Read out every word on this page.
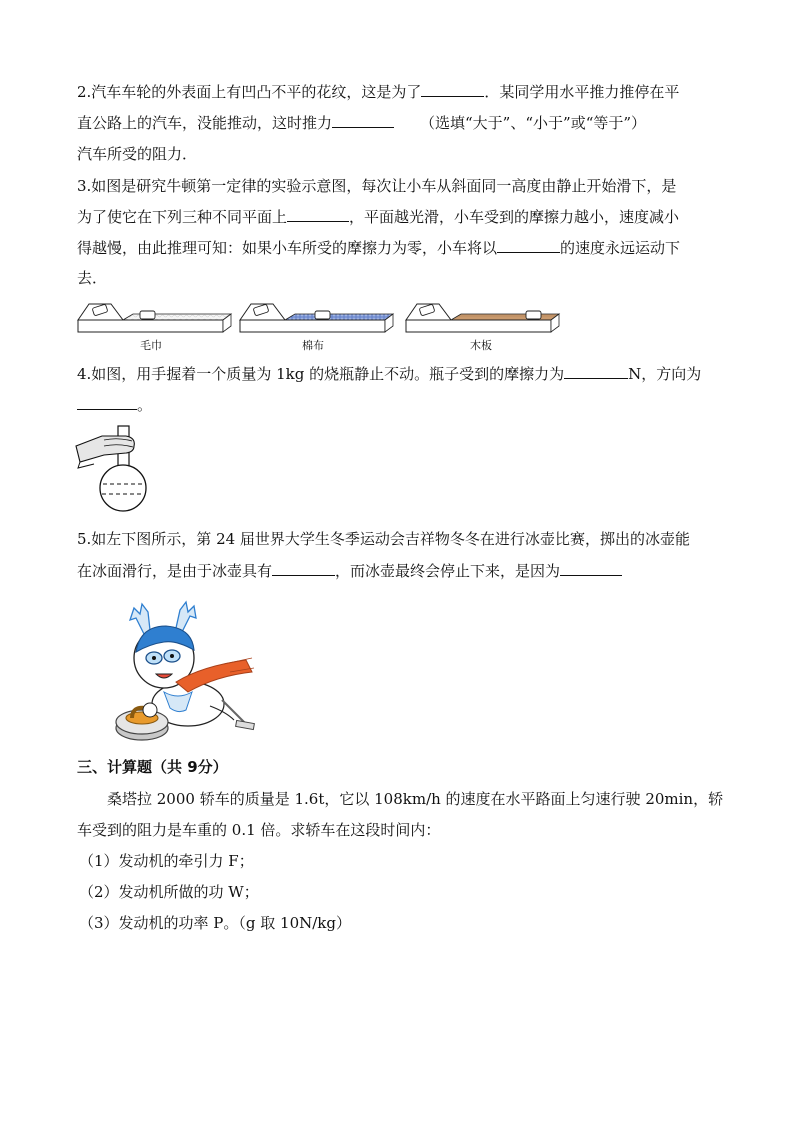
2.汽车车轮的外表面上有凹凸不平的花纹，这是为了	．某同学用水平推力推停在平
直公路上的汽车，没能推动，这时推力	（选填“大于”、“小于”或“等于”）
汽车所受的阻力．
3.如图是研究牛顿第一定律的实验示意图，每次让小车从斜面同一高度由静止开始滑下，是
为了使它在下列三种不同平面上	，平面越光滑，小车受到的摩擦力越小，速度减小
得越慢，由此推理可知：如果小车所受的摩擦力为零，小车将以	的速度永远运动下
去．
毛巾	棉布	木板
4.如图，用手握着一个质量为 1kg 的烧瓶静止不动。瓶子受到的摩擦力为	N，方向为
。
5.如左下图所示，第 24 届世界大学生冬季运动会吉祥物冬冬在进行冰壶比赛，掷出的冰壶能
在冰面滑行，是由于冰壶具有	，而冰壶最终会停止下来，是因为
三、计算题（共 9分）
桑塔拉 2000 轿车的质量是 1.6t，它以 108km/h 的速度在水平路面上匀速行驶 20min，轿
车受到的阻力是车重的 0.1 倍。求轿车在这段时间内：
（1）发动机的牵引力 F；
（2）发动机所做的功 W；
（3）发动机的功率 P。（g 取 10N/kg）
